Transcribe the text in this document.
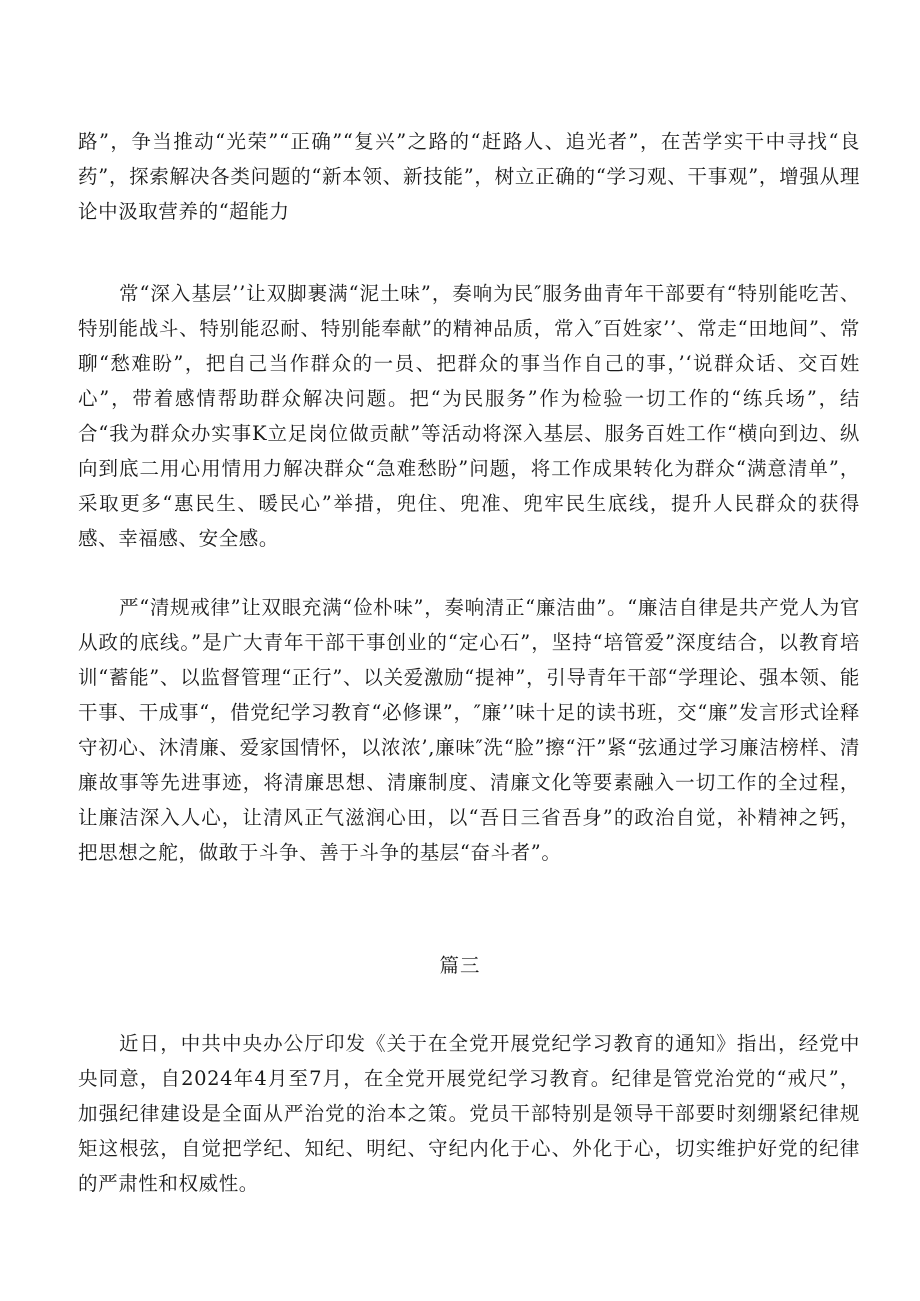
路”，争当推动“光荣”“正确”“复兴”之路的“赶路人、追光者”，在苦学实干中寻找“良药”，探索解决各类问题的“新本领、新技能”，树立正确的“学习观、干事观”，增强从理论中汲取营养的“超能力

常“深入基层’’让双脚裹满“泥土味”，奏响为民″服务曲青年干部要有“特别能吃苦、特别能战斗、特别能忍耐、特别能奉献”的精神品质，常入″百姓家’’、常走“田地间”、常聊“愁难盼”，把自己当作群众的一员、把群众的事当作自己的事，’‘说群众话、交百姓心”，带着感情帮助群众解决问题。把“为民服务”作为检验一切工作的“练兵场”，结合“我为群众办实事K立足岗位做贡献”等活动将深入基层、服务百姓工作“横向到边、纵向到底二用心用情用力解决群众“急难愁盼”问题，将工作成果转化为群众“满意清单”，采取更多“惠民生、暖民心”举措，兜住、兜准、兜牢民生底线，提升人民群众的获得感、幸福感、安全感。

严“清规戒律”让双眼充满“俭朴味”，奏响清正“廉洁曲”。“廉洁自律是共产党人为官从政的底线。”是广大青年干部干事创业的“定心石”，坚持“培管爱”深度结合，以教育培训“蓄能”、以监督管理“正行”、以关爱激励“提神”，引导青年干部“学理论、强本领、能干事、干成事“，借党纪学习教育“必修课”，″廉’’味十足的读书班，交“廉”发言形式诠释守初心、沐清廉、爱家国情怀，以浓浓’,廉味″洗“脸”擦“汗”紧“弦通过学习廉洁榜样、清廉故事等先进事迹，将清廉思想、清廉制度、清廉文化等要素融入一切工作的全过程，让廉洁深入人心，让清风正气滋润心田，以“吾日三省吾身”的政治自觉，补精神之钙，把思想之舵，做敢于斗争、善于斗争的基层“奋斗者”。

篇三

近日，中共中央办公厅印发《关于在全党开展党纪学习教育的通知》指出，经党中央同意，自2024年4月至7月，在全党开展党纪学习教育。纪律是管党治党的“戒尺”，加强纪律建设是全面从严治党的治本之策。党员干部特别是领导干部要时刻绷紧纪律规矩这根弦，自觉把学纪、知纪、明纪、守纪内化于心、外化于心，切实维护好党的纪律的严肃性和权威性。
